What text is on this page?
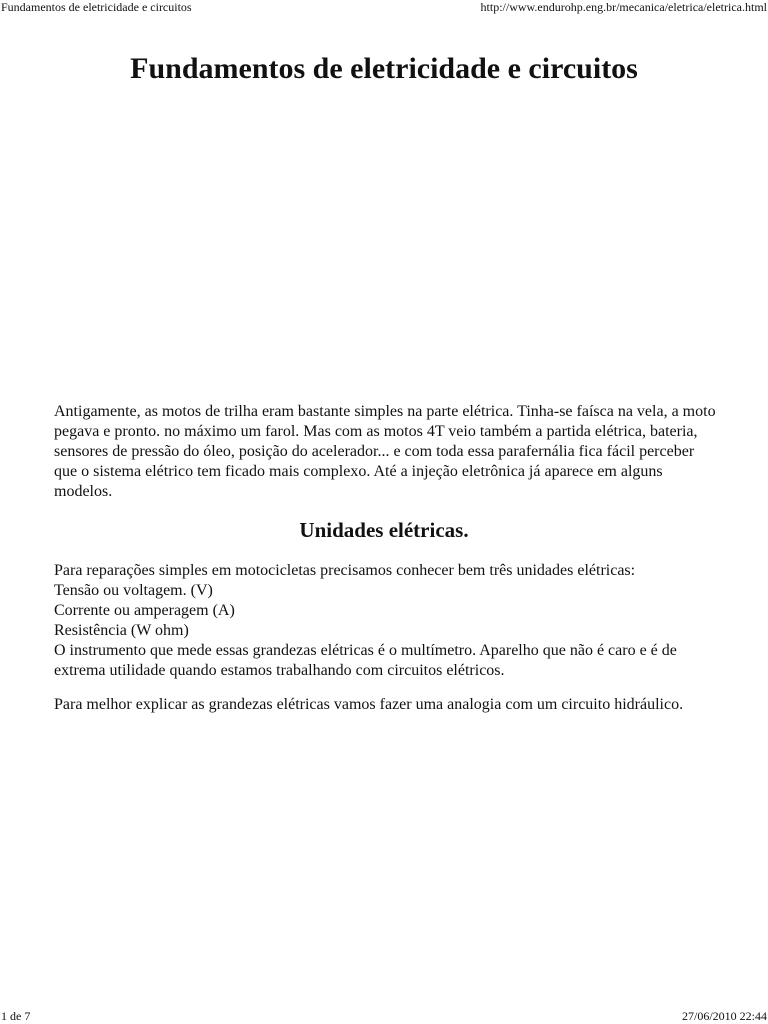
Fundamentos de eletricidade e circuitos	http://www.endurohp.eng.br/mecanica/eletrica/eletrica.html
Fundamentos de eletricidade e circuitos

Antigamente, as motos de trilha eram bastante simples na parte elétrica. Tinha-se faísca na vela, a moto pegava e pronto. no máximo um farol. Mas com as motos 4T veio também a partida elétrica, bateria, sensores de pressão do óleo, posição do acelerador... e com toda essa parafernália fica fácil perceber que o sistema elétrico tem ficado mais complexo. Até a injeção eletrônica já aparece em alguns modelos.

Unidades elétricas.

Para reparações simples em motocicletas precisamos conhecer bem três unidades elétricas:

Tensão ou voltagem. (V)

Corrente ou amperagem (A)

Resistência (W ohm)

O instrumento que mede essas grandezas elétricas é o multímetro. Aparelho que não é caro e é de extrema utilidade quando estamos trabalhando com circuitos elétricos.

Para melhor explicar as grandezas elétricas vamos fazer uma analogia com um circuito hidráulico.

1 de 7	27/06/2010 22:44
